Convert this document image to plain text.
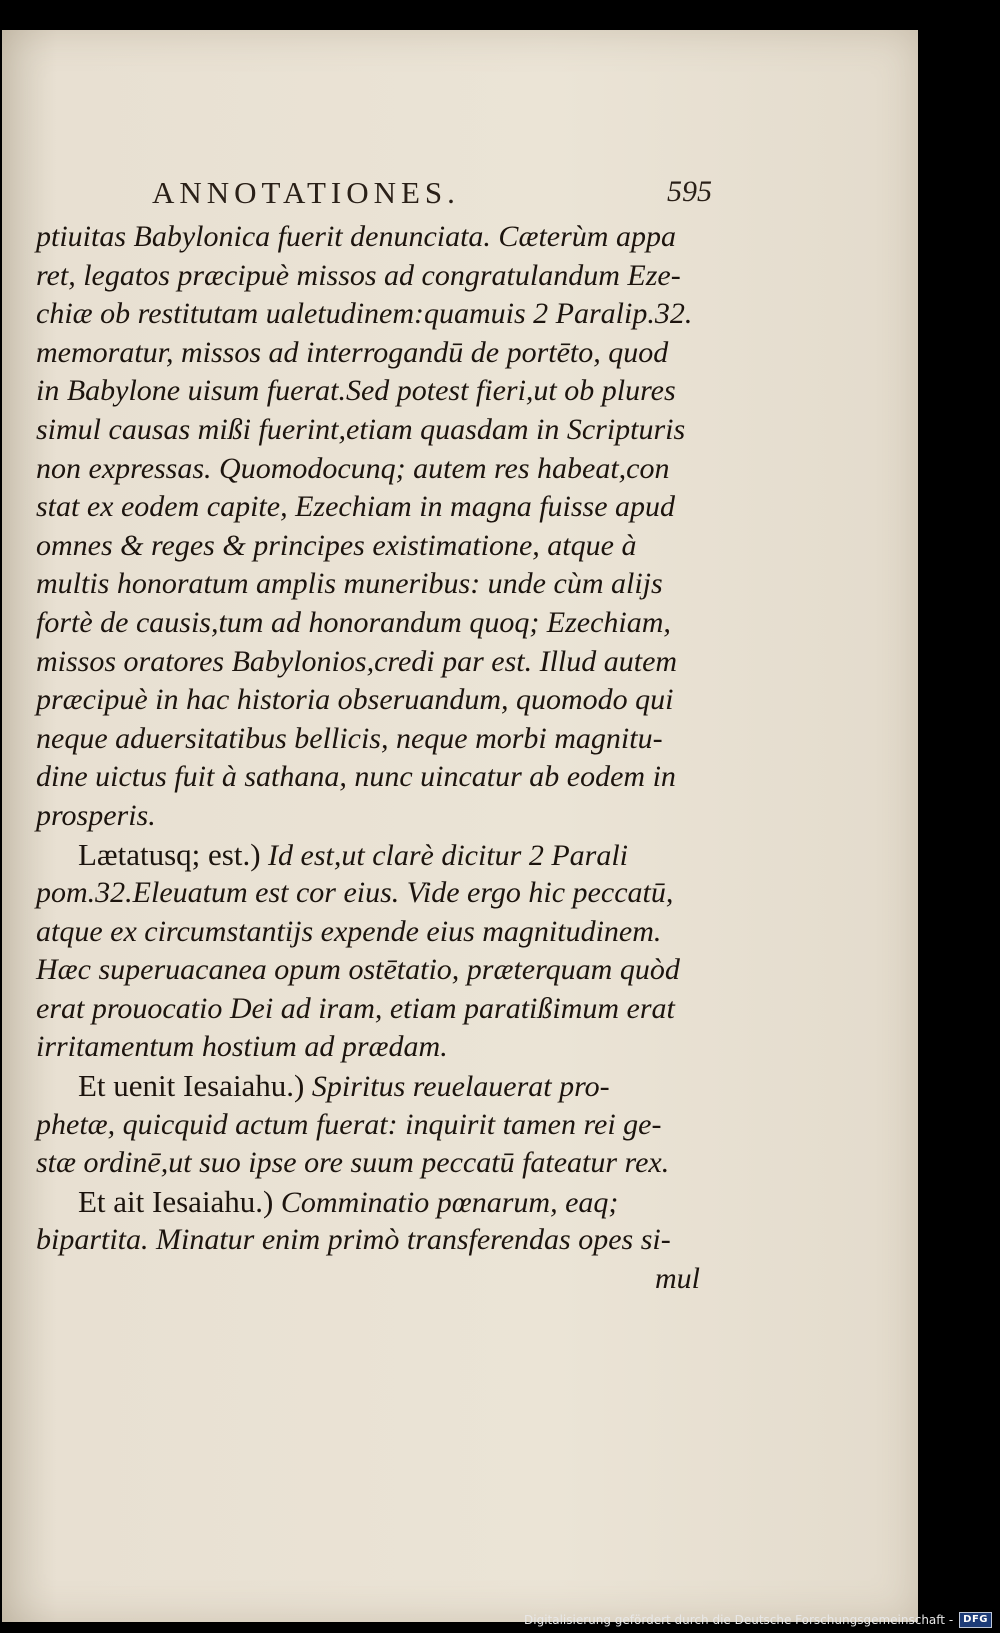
ANNOTATIONES.	595
ptiuitas Babylonica fuerit denunciata. Cæterùm appa
ret, legatos præcipuè missos ad congratulandum Eze-
chiæ ob restitutam ualetudinem:quamuis 2 Paralip.32.
memoratur, missos ad interrogandū de portēto, quod
in Babylone uisum fuerat.Sed potest fieri,ut ob plures
simul causas mißi fuerint,etiam quasdam in Scripturis
non expressas. Quomodocunq; autem res habeat,con
stat ex eodem capite, Ezechiam in magna fuisse apud
omnes & reges & principes existimatione, atque à
multis honoratum amplis muneribus: unde cùm alijs
fortè de causis,tum ad honorandum quoq; Ezechiam,
missos oratores Babylonios,credi par est. Illud autem
præcipuè in hac historia obseruandum, quomodo qui
neque aduersitatibus bellicis, neque morbi magnitu-
dine uictus fuit à sathana, nunc uincatur ab eodem in
prosperis.
Lætatusq; est.) Id est,ut clarè dicitur 2 Parali
pom.32.Eleuatum est cor eius. Vide ergo hic peccatū,
atque ex circumstantijs expende eius magnitudinem.
Hæc superuacanea opum ostētatio, præterquam quòd
erat prouocatio Dei ad iram, etiam paratißimum erat
irritamentum hostium ad prædam.
Et uenit Iesaiahu.) Spiritus reuelauerat pro-
phetæ, quicquid actum fuerat: inquirit tamen rei ge-
stæ ordinē,ut suo ipse ore suum peccatū fateatur rex.
Et ait Iesaiahu.) Comminatio pœnarum, eaq;
bipartita. Minatur enim primò transferendas opes si-
mul
Digitalisierung gefördert durch die Deutsche Forschungsgemeinschaft -	DFG
